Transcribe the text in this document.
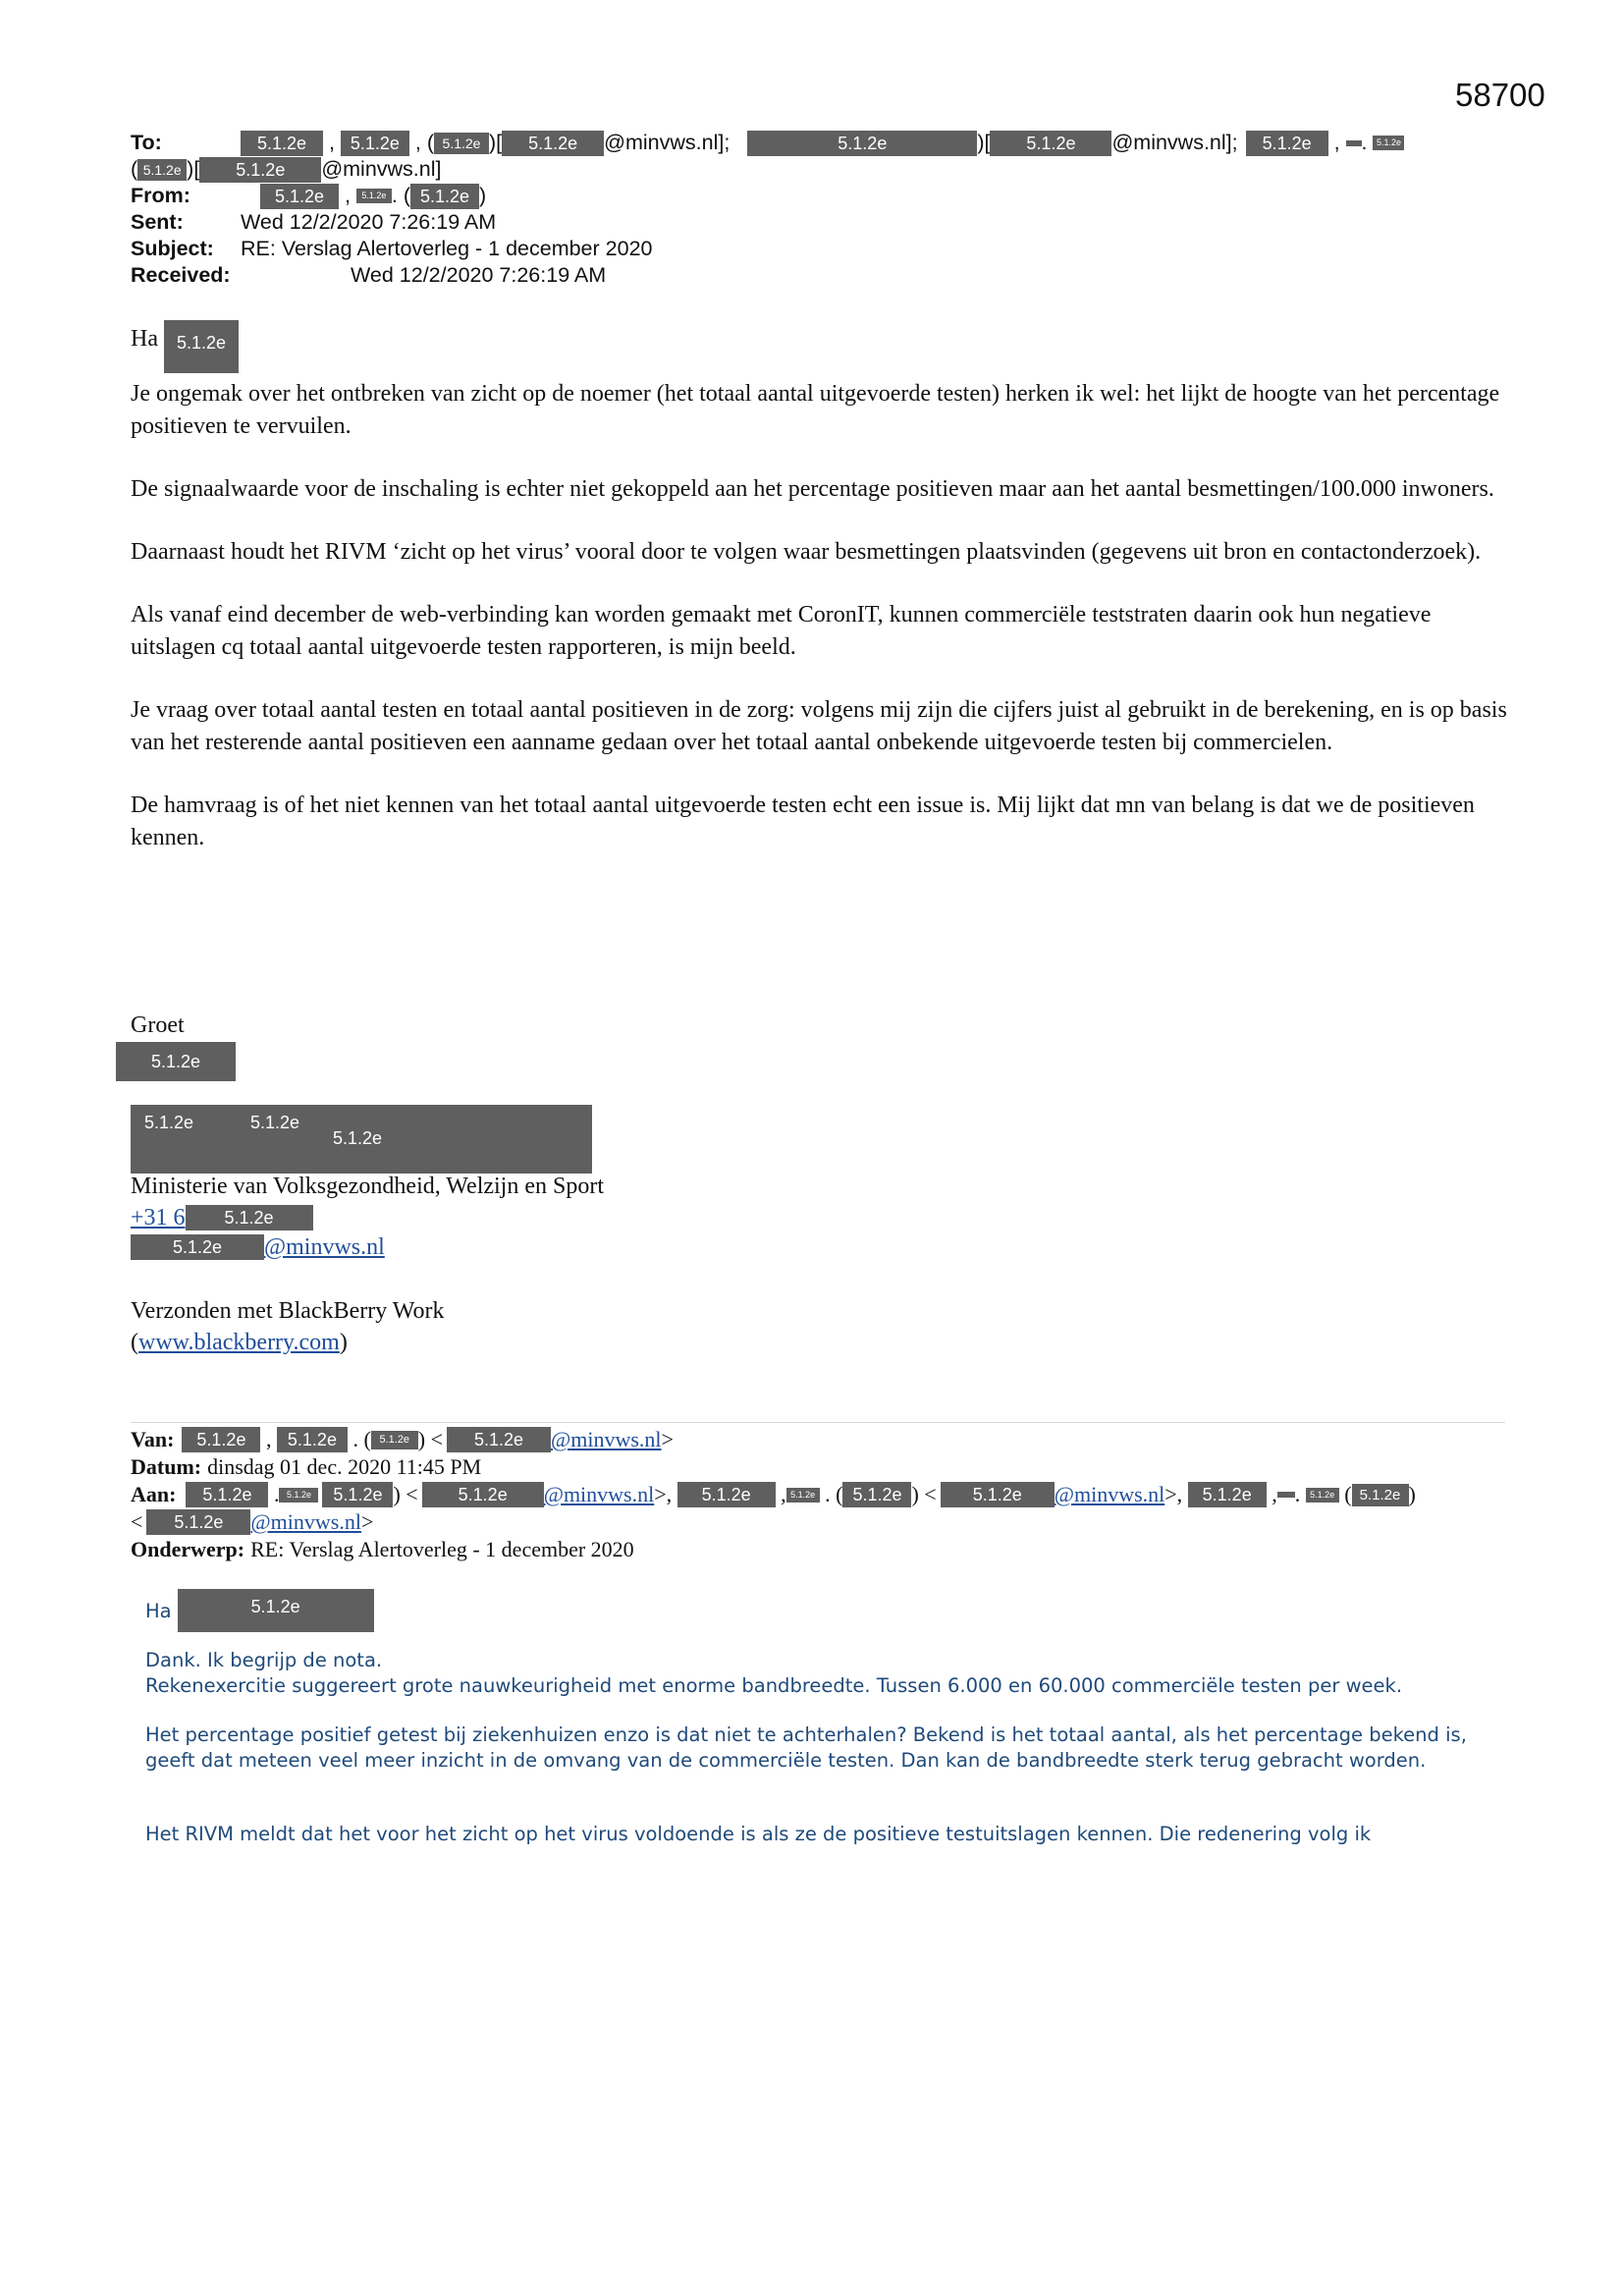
58700
To:	5.1.2e , 5.1.2e , ( 5.1.2e )[	5.1.2e	@minvws.nl];	5.1.2e	)[	5.1.2e	@minvws.nl];	5.1.2e , . 5.1.2e
( 5.1.2e )[	5.1.2e	@minvws.nl]
From:	5.1.2e , 5.1.2e . ( 5.1.2e )
Sent:	Wed 12/2/2020 7:26:19 AM
Subject:	RE: Verslag Alertoverleg - 1 december 2020
Received:	Wed 12/2/2020 7:26:19 AM
Ha	5.1.2e

Je ongemak over het ontbreken van zicht op de noemer (het totaal aantal uitgevoerde testen) herken ik wel: het lijkt de hoogte van het percentage positieven te vervuilen.

De signaalwaarde voor de inschaling is echter niet gekoppeld aan het percentage positieven maar aan het aantal besmettingen/100.000 inwoners.

Daarnaast houdt het RIVM ‘zicht op het virus’ vooral door te volgen waar besmettingen plaatsvinden (gegevens uit bron en contactonderzoek).

Als vanaf eind december de web-verbinding kan worden gemaakt met CoronIT, kunnen commerciële teststraten daarin ook hun negatieve uitslagen cq totaal aantal uitgevoerde testen rapporteren, is mijn beeld.

Je vraag over totaal aantal testen en totaal aantal positieven in de zorg: volgens mij zijn die cijfers juist al gebruikt in de berekening, en is op basis van het resterende aantal positieven een aanname gedaan over het totaal aantal onbekende uitgevoerde testen bij commercielen.

De hamvraag is of het niet kennen van het totaal aantal uitgevoerde testen echt een issue is. Mij lijkt dat mn van belang is dat we de positieven kennen.

Groet
5.1.2e
5.1.2e	5.1.2e
5.1.2e
Ministerie van Volksgezondheid, Welzijn en Sport
+31 6	5.1.2e
5.1.2e	@minvws.nl
Verzonden met BlackBerry Work
(www.blackberry.com)
Van:	5.1.2e , 5.1.2e . ( 5.1.2e ) <	5.1.2e	@minvws.nl >
Datum: dinsdag 01 dec. 2020 11:45 PM
Aan:	5.1.2e . 5.1.2e	5.1.2e ) <	5.1.2e	@minvws.nl >,	5.1.2e	, 5.1.2e . ( 5.1.2e ) <	5.1.2e	@minvws.nl >, 5.1.2e , . 5.1.2e ( 5.1.2e )
<	5.1.2e	@minvws.nl >
Onderwerp: RE: Verslag Alertoverleg - 1 december 2020
Ha	5.1.2e

Dank. Ik begrijp de nota.

Rekenexercitie suggereert grote nauwkeurigheid met enorme bandbreedte. Tussen 6.000 en 60.000 commerciële testen per week.

Het percentage positief getest bij ziekenhuizen enzo is dat niet te achterhalen? Bekend is het totaal aantal, als het percentage bekend is, geeft dat meteen veel meer inzicht in de omvang van de commerciële testen. Dan kan de bandbreedte sterk terug gebracht worden.

Het RIVM meldt dat het voor het zicht op het virus voldoende is als ze de positieve testuitslagen kennen. Die redenering volg ik
